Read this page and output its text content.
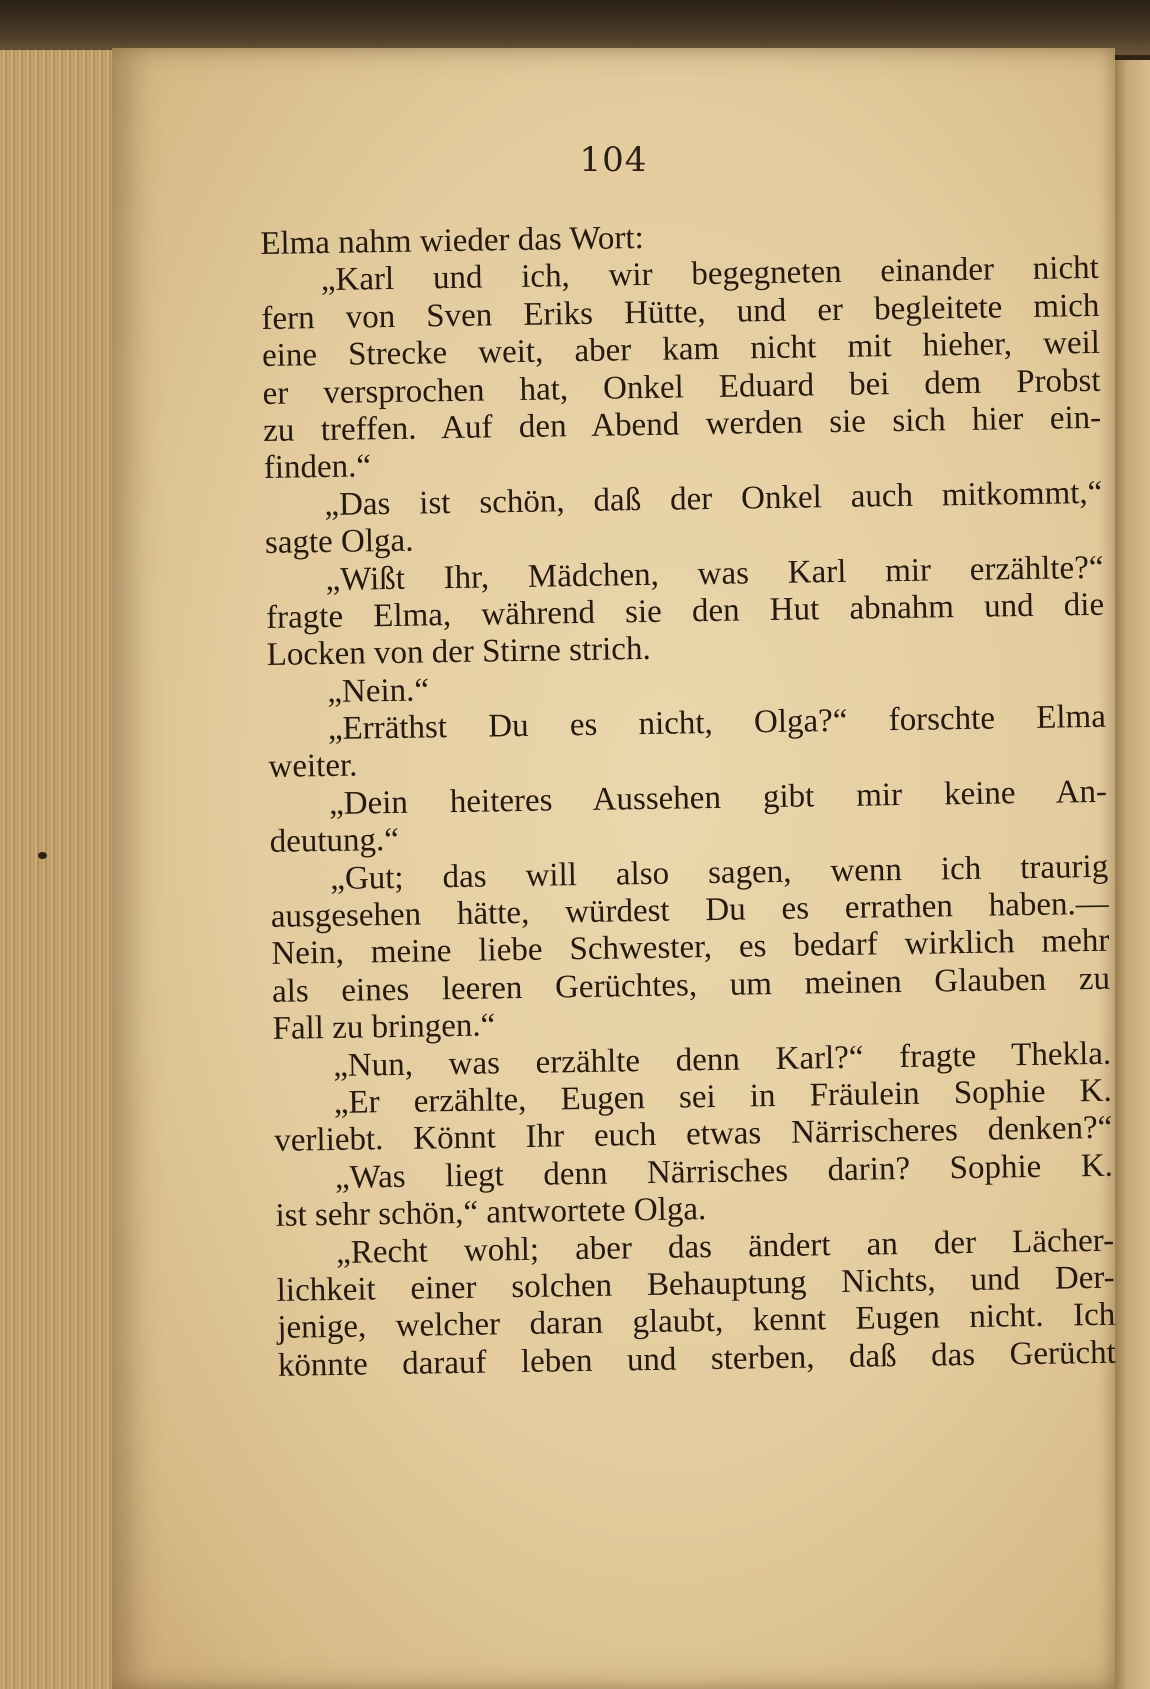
104
Elma nahm wieder das Wort:
„Karl und ich, wir begegneten einander nicht
fern von Sven Eriks Hütte, und er begleitete mich
eine Strecke weit, aber kam nicht mit hieher, weil
er versprochen hat, Onkel Eduard bei dem Probst
zu treffen. Auf den Abend werden sie sich hier ein-
finden.“
„Das ist schön, daß der Onkel auch mitkommt,“
sagte Olga.
„Wißt Ihr, Mädchen, was Karl mir erzählte?“
fragte Elma, während sie den Hut abnahm und die
Locken von der Stirne strich.
„Nein.“
„Erräthst Du es nicht, Olga?“ forschte Elma
weiter.
„Dein heiteres Aussehen gibt mir keine An-
deutung.“
„Gut; das will also sagen, wenn ich traurig
ausgesehen hätte, würdest Du es errathen haben.—
Nein, meine liebe Schwester, es bedarf wirklich mehr
als eines leeren Gerüchtes, um meinen Glauben zu
Fall zu bringen.“
„Nun, was erzählte denn Karl?“ fragte Thekla.
„Er erzählte, Eugen sei in Fräulein Sophie K.
verliebt. Könnt Ihr euch etwas Närrischeres denken?“
„Was liegt denn Närrisches darin? Sophie K.
ist sehr schön,“ antwortete Olga.
„Recht wohl; aber das ändert an der Lächer-
lichkeit einer solchen Behauptung Nichts, und Der-
jenige, welcher daran glaubt, kennt Eugen nicht. Ich
könnte darauf leben und sterben, daß das Gerücht
